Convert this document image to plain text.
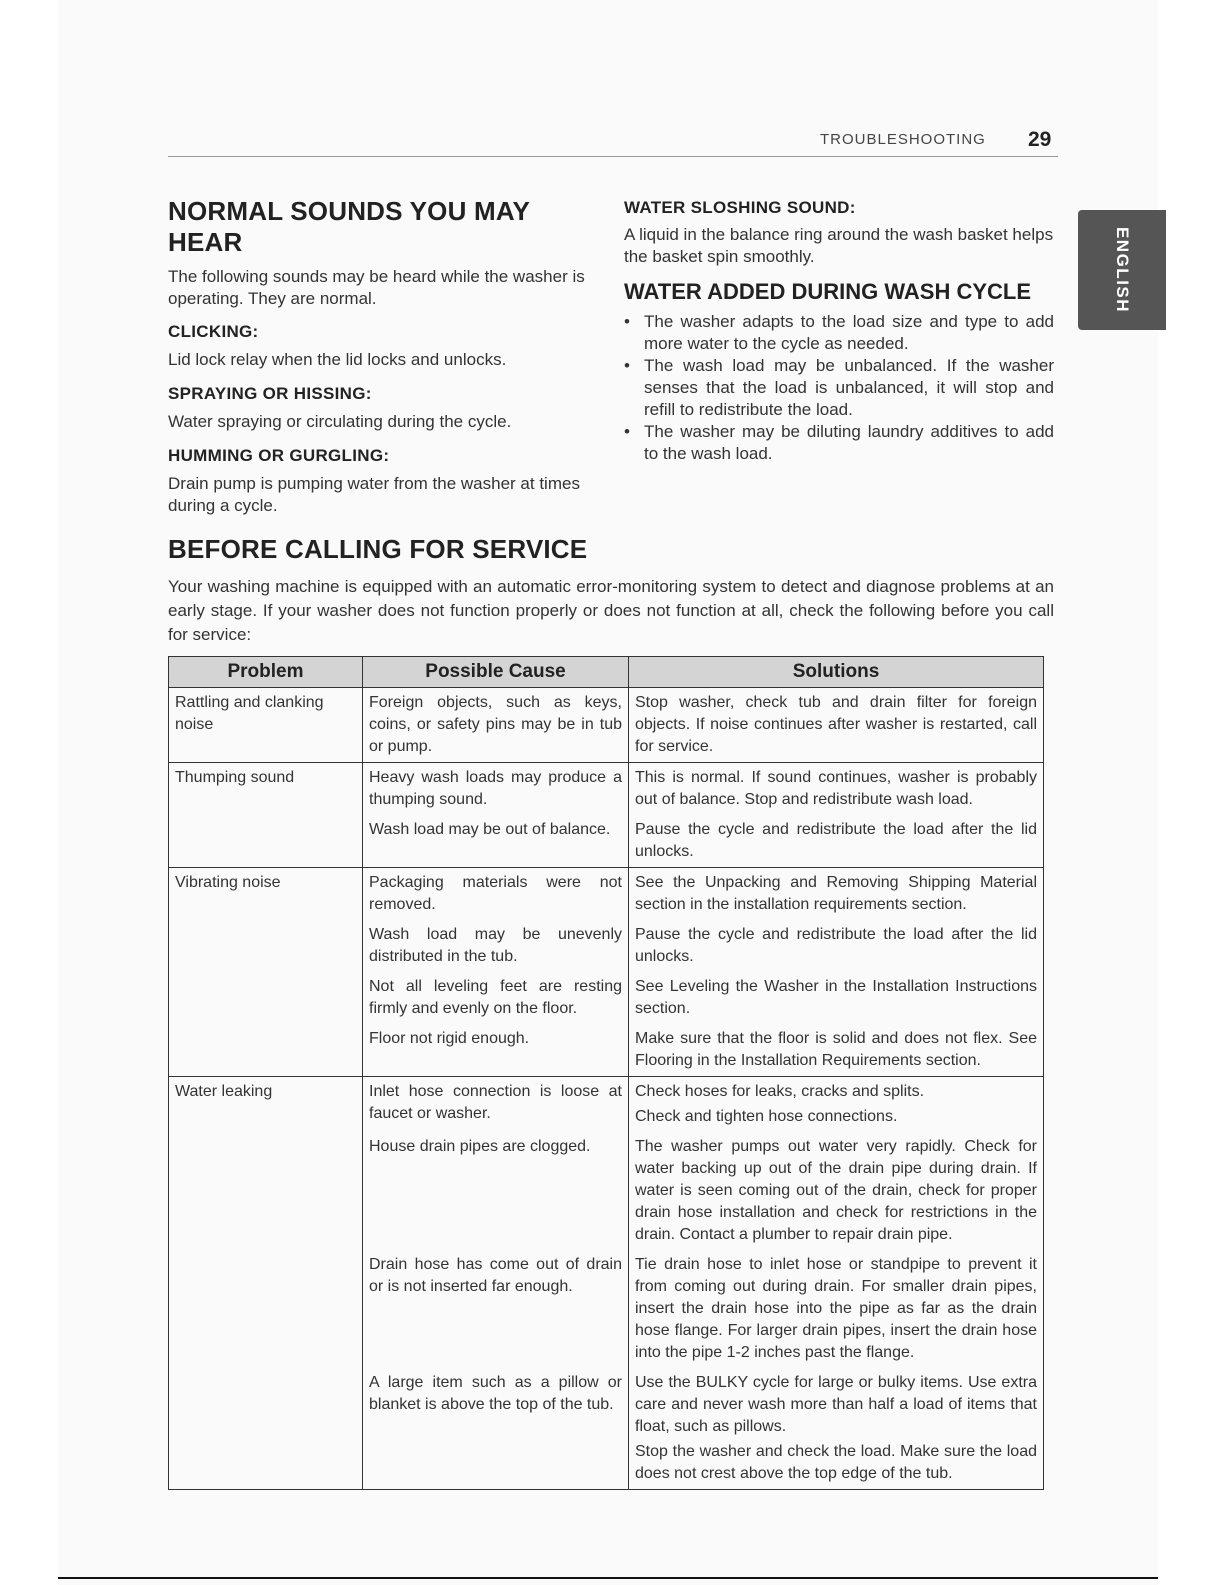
TROUBLESHOOTING 29
ENGLISH
NORMAL SOUNDS YOU MAY HEAR

The following sounds may be heard while the washer is operating. They are normal.

CLICKING:

Lid lock relay when the lid locks and unlocks.

SPRAYING OR HISSING:

Water spraying or circulating during the cycle.

HUMMING OR GURGLING:

Drain pump is pumping water from the washer at times during a cycle.

WATER SLOSHING SOUND:

A liquid in the balance ring around the wash basket helps the basket spin smoothly.

WATER ADDED DURING WASH CYCLE
• The washer adapts to the load size and type to add more water to the cycle as needed.
• The wash load may be unbalanced. If the washer senses that the load is unbalanced, it will stop and refill to redistribute the load.
• The washer may be diluting laundry additives to add to the wash load.
BEFORE CALLING FOR SERVICE

Your washing machine is equipped with an automatic error-monitoring system to detect and diagnose problems at an early stage. If your washer does not function properly or does not function at all, check the following before you call for service:

Problem	Possible Cause	Solutions
Rattling and clanking noise	Foreign objects, such as keys, coins, or safety pins may be in tub or pump.	Stop washer, check tub and drain filter for foreign objects. If noise continues after washer is restarted, call for service.
Thumping sound	Heavy wash loads may produce a thumping sound.	This is normal. If sound continues, washer is probably out of balance. Stop and redistribute wash load.
	Wash load may be out of balance.	Pause the cycle and redistribute the load after the lid unlocks.
Vibrating noise	Packaging materials were not removed.	See the Unpacking and Removing Shipping Material section in the installation requirements section.
	Wash load may be unevenly distributed in the tub.	Pause the cycle and redistribute the load after the lid unlocks.
	Not all leveling feet are resting firmly and evenly on the floor.	See Leveling the Washer in the Installation Instructions section.
	Floor not rigid enough.	Make sure that the floor is solid and does not flex. See Flooring in the Installation Requirements section.
Water leaking	Inlet hose connection is loose at faucet or washer.	Check hoses for leaks, cracks and splits.
Check and tighten hose connections.

	House drain pipes are clogged.	The washer pumps out water very rapidly. Check for water backing up out of the drain pipe during drain. If water is seen coming out of the drain, check for proper drain hose installation and check for restrictions in the drain. Contact a plumber to repair drain pipe.
	Drain hose has come out of drain or is not inserted far enough.	Tie drain hose to inlet hose or standpipe to prevent it from coming out during drain. For smaller drain pipes, insert the drain hose into the pipe as far as the drain hose flange. For larger drain pipes, insert the drain hose into the pipe 1-2 inches past the flange.
	A large item such as a pillow or blanket is above the top of the tub.	Use the BULKY cycle for large or bulky items. Use extra care and never wash more than half a load of items that float, such as pillows.
Stop the washer and check the load. Make sure the load does not crest above the top edge of the tub.
